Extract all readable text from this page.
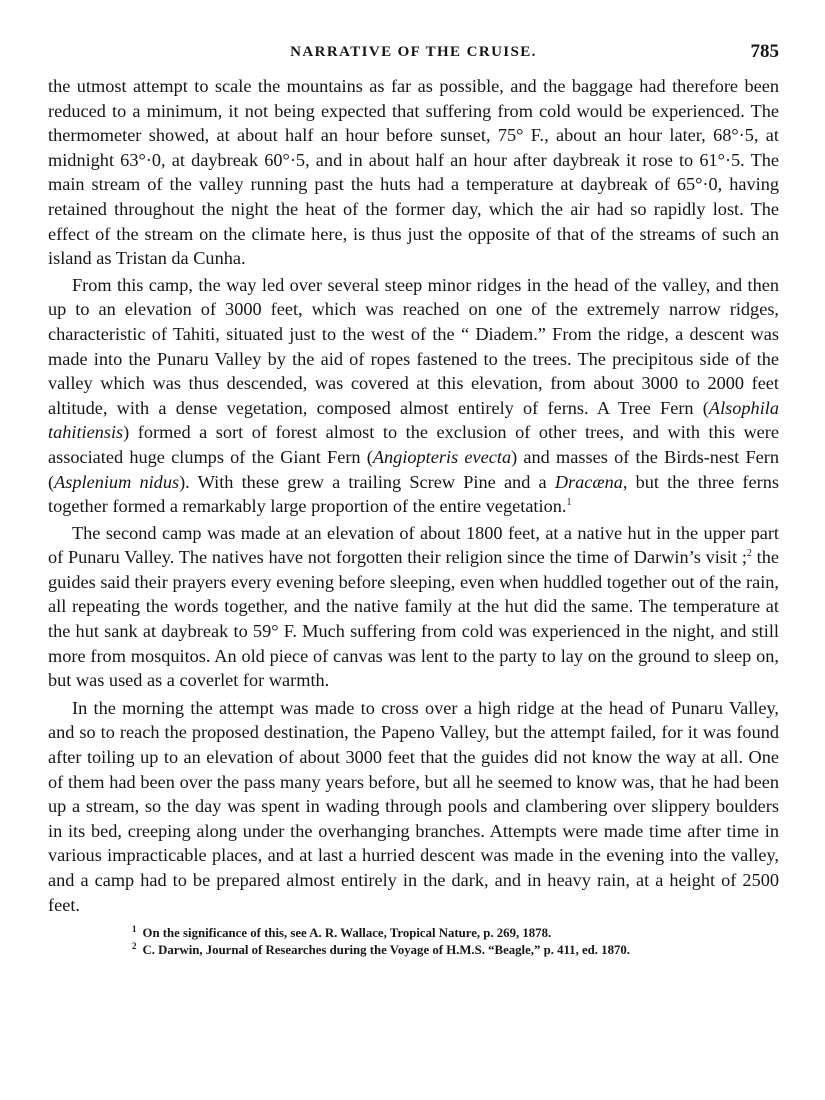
NARRATIVE OF THE CRUISE.	785

the utmost attempt to scale the mountains as far as possible, and the baggage had therefore been reduced to a minimum, it not being expected that suffering from cold would be experienced. The thermometer showed, at about half an hour before sunset, 75° F., about an hour later, 68°·5, at midnight 63°·0, at daybreak 60°·5, and in about half an hour after daybreak it rose to 61°·5. The main stream of the valley running past the huts had a temperature at daybreak of 65°·0, having retained throughout the night the heat of the former day, which the air had so rapidly lost. The effect of the stream on the climate here, is thus just the opposite of that of the streams of such an island as Tristan da Cunha.

From this camp, the way led over several steep minor ridges in the head of the valley, and then up to an elevation of 3000 feet, which was reached on one of the extremely narrow ridges, characteristic of Tahiti, situated just to the west of the “ Diadem.” From the ridge, a descent was made into the Punaru Valley by the aid of ropes fastened to the trees. The precipitous side of the valley which was thus descended, was covered at this elevation, from about 3000 to 2000 feet altitude, with a dense vegetation, composed almost entirely of ferns. A Tree Fern (Alsophila tahitiensis) formed a sort of forest almost to the exclusion of other trees, and with this were associated huge clumps of the Giant Fern (Angiopteris evecta) and masses of the Birds-nest Fern (Asplenium nidus). With these grew a trailing Screw Pine and a Dracæna, but the three ferns together formed a remarkably large proportion of the entire vegetation.$^1$

The second camp was made at an elevation of about 1800 feet, at a native hut in the upper part of Punaru Valley. The natives have not forgotten their religion since the time of Darwin’s visit ;$^2$ the guides said their prayers every evening before sleeping, even when huddled together out of the rain, all repeating the words together, and the native family at the hut did the same. The temperature at the hut sank at daybreak to 59° F. Much suffering from cold was experienced in the night, and still more from mosquitos. An old piece of canvas was lent to the party to lay on the ground to sleep on, but was used as a coverlet for warmth.

In the morning the attempt was made to cross over a high ridge at the head of Punaru Valley, and so to reach the proposed destination, the Papeno Valley, but the attempt failed, for it was found after toiling up to an elevation of about 3000 feet that the guides did not know the way at all. One of them had been over the pass many years before, but all he seemed to know was, that he had been up a stream, so the day was spent in wading through pools and clambering over slippery boulders in its bed, creeping along under the overhanging branches. Attempts were made time after time in various impracticable places, and at last a hurried descent was made in the evening into the valley, and a camp had to be prepared almost entirely in the dark, and in heavy rain, at a height of 2500 feet.

$^1$ On the significance of this, see A. R. Wallace, Tropical Nature, p. 269, 1878.

$^2$ C. Darwin, Journal of Researches during the Voyage of H.M.S. “Beagle,” p. 411, ed. 1870.
